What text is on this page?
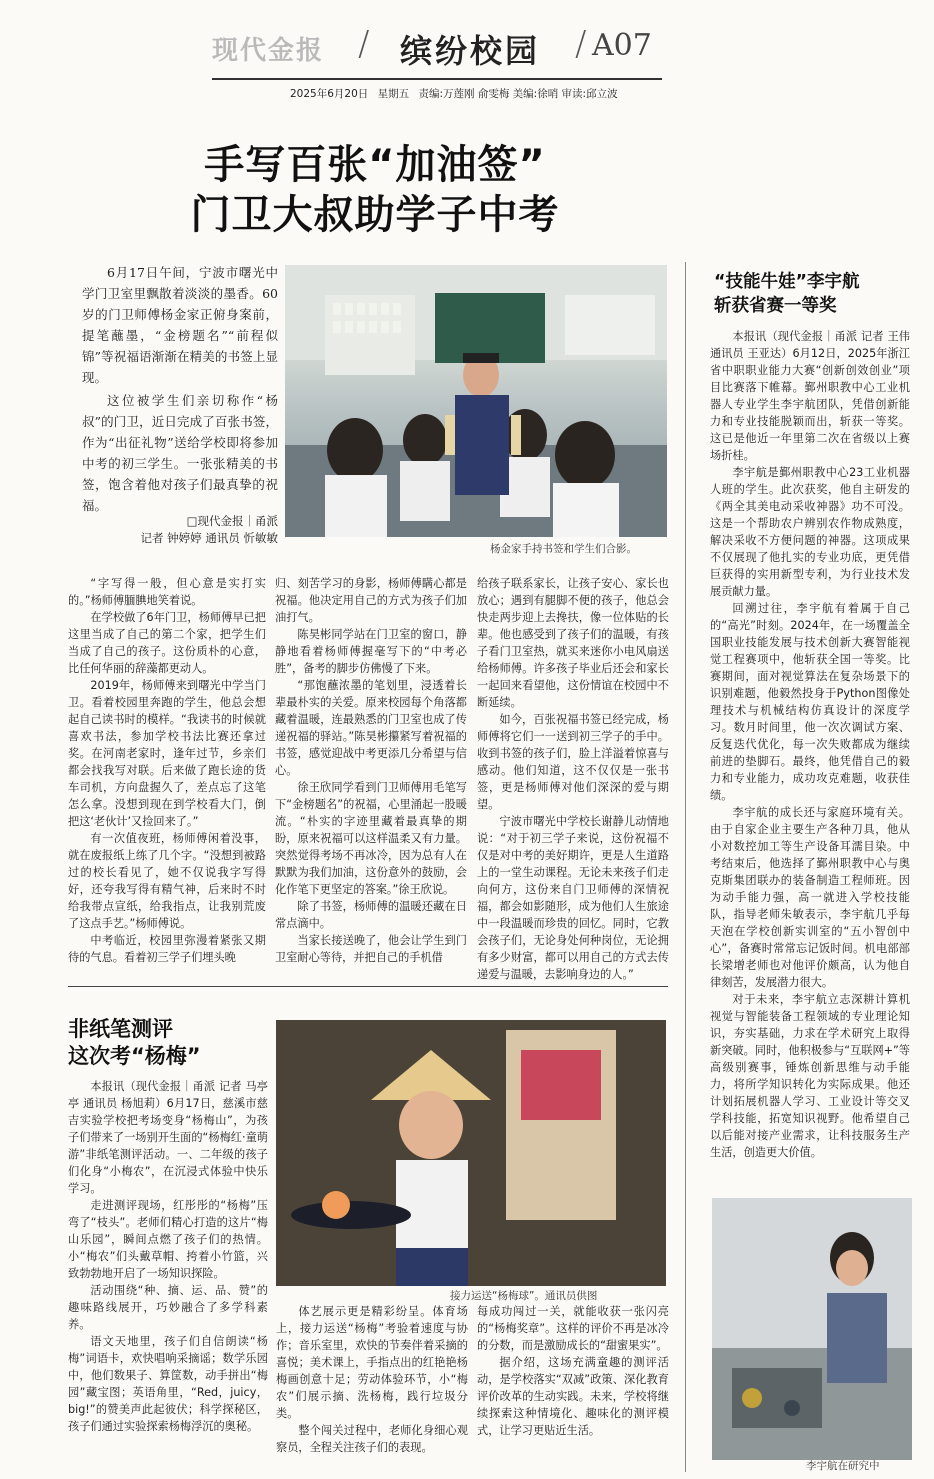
现代金报 / 缤纷校园 / A07
2025年6月20日 星期五 责编:万莲刚 俞雯梅 美编:徐哨 审读:邱立波
手写百张“加油签”
门卫大叔助学子中考

6月17日午间，宁波市曙光中学门卫室里飘散着淡淡的墨香。60岁的门卫师傅杨金家正俯身案前，提笔蘸墨，“金榜题名”“前程似锦”等祝福语渐渐在精美的书签上显现。

这位被学生们亲切称作“杨叔”的门卫，近日完成了百张书签，作为“出征礼物”送给学校即将参加中考的初三学生。一张张精美的书签，饱含着他对孩子们最真挚的祝福。

□现代金报｜甬派
记者 钟婷婷 通讯员 忻敏敏
杨金家手持书签和学生们合影。

“字写得一般，但心意是实打实的。”杨师傅腼腆地笑着说。

在学校做了6年门卫，杨师傅早已把这里当成了自己的第二个家，把学生们当成了自己的孩子。这份质朴的心意，比任何华丽的辞藻都更动人。

2019年，杨师傅来到曙光中学当门卫。看着校园里奔跑的学生，他总会想起自己读书时的模样。“我读书的时候就喜欢书法，参加学校书法比赛还拿过奖。在河南老家时，逢年过节，乡亲们都会找我写对联。后来做了跑长途的货车司机，方向盘握久了，差点忘了这笔怎么拿。没想到现在到学校看大门，倒把这‘老伙计’又捡回来了。”

有一次值夜班，杨师傅闲着没事，就在废报纸上练了几个字。“没想到被路过的校长看见了，她不仅说我字写得好，还夸我写得有精气神，后来时不时给我带点宣纸，给我指点，让我别荒废了这点手艺。”杨师傅说。

中考临近，校园里弥漫着紧张又期待的气息。看着初三学子们埋头晚

归、刻苦学习的身影，杨师傅瞒心都是祝福。他决定用自己的方式为孩子们加油打气。

陈昊彬同学站在门卫室的窗口，静静地看着杨师傅握毫写下的“中考必胜”，备考的脚步仿佛慢了下来。

“那饱蘸浓墨的笔划里，浸透着长辈最朴实的关爱。原来校园每个角落都藏着温暖，连最熟悉的门卫室也成了传递祝福的驿站。”陈昊彬攥紧写着祝福的书签，感觉迎战中考更添几分希望与信心。

徐王欣同学看到门卫师傅用毛笔写下“金榜题名”的祝福，心里涌起一股暖流。“朴实的字迹里藏着最真挚的期盼，原来祝福可以这样温柔又有力量。突然觉得考场不再冰冷，因为总有人在默默为我们加油，这份意外的鼓励，会化作笔下更坚定的答案。”徐王欣说。

除了书签，杨师傅的温暖还藏在日常点滴中。

当家长接送晚了，他会让学生到门卫室耐心等待，并把自己的手机借

给孩子联系家长，让孩子安心、家长也放心；遇到有腿脚不便的孩子，他总会快走两步迎上去搀扶，像一位体贴的长辈。他也感受到了孩子们的温暖，有孩子看门卫室热，就买来迷你小电风扇送给杨师傅。许多孩子毕业后还会和家长一起回来看望他，这份情谊在校园中不断延续。

如今，百张祝福书签已经完成，杨师傅将它们一一送到初三学子的手中。收到书签的孩子们，脸上洋溢着惊喜与感动。他们知道，这不仅仅是一张书签，更是杨师傅对他们深深的爱与期望。

宁波市曙光中学校长谢静儿动情地说：“对于初三学子来说，这份祝福不仅是对中考的美好期许，更是人生道路上的一堂生动课程。无论未来孩子们走向何方，这份来自门卫师傅的深情祝福，都会如影随形，成为他们人生旅途中一段温暖而珍贵的回忆。同时，它教会孩子们，无论身处何种岗位，无论拥有多少财富，都可以用自己的方式去传递爱与温暖，去影响身边的人。”

非纸笔测评
这次考“杨梅”

本报讯（现代金报｜甬派 记者 马亭亭 通讯员 杨旭莉）6月17日，慈溪市慈吉实验学校把考场变身“杨梅山”，为孩子们带来了一场别开生面的“杨梅红·童萌游”非纸笔测评活动。一、二年级的孩子们化身“小梅农”，在沉浸式体验中快乐学习。

走进测评现场，红彤彤的“杨梅”压弯了“枝头”。老师们精心打造的这片“梅山乐园”，瞬间点燃了孩子们的热情。小“梅农”们头戴草帽、挎着小竹篮，兴致勃勃地开启了一场知识探险。

活动围绕“种、摘、运、品、赞”的趣味路线展开，巧妙融合了多学科素养。

语文天地里，孩子们自信朗读“杨梅”词语卡，欢快唱响采摘谣；数学乐园中，他们数果子、算筐数，动手拼出“梅园”藏宝图；英语角里，“Red，juicy，big!”的赞美声此起彼伏；科学探秘区，孩子们通过实验探索杨梅浮沉的奥秘。

接力运送“杨梅球”。通讯员供图

体艺展示更是精彩纷呈。体育场上，接力运送“杨梅”考验着速度与协作；音乐室里，欢快的节奏伴着采摘的喜悦；美术课上，手指点出的红艳艳杨梅画创意十足；劳动体验环节，小“梅农”们展示摘、洗杨梅，践行垃圾分类。

整个闯关过程中，老师化身细心观察员，全程关注孩子们的表现。

每成功闯过一关，就能收获一张闪亮的“杨梅奖章”。这样的评价不再是冰冷的分数，而是激励成长的“甜蜜果实”。

据介绍，这场充满童趣的测评活动，是学校落实“双减”政策、深化教育评价改革的生动实践。未来，学校将继续探索这种情境化、趣味化的测评模式，让学习更贴近生活。

“技能牛娃”李宇航
斩获省赛一等奖

本报讯（现代金报｜甬派 记者 王伟 通讯员 王亚达）6月12日，2025年浙江省中职职业能力大赛“创新创效创业”项目比赛落下帷幕。鄞州职教中心工业机器人专业学生李宇航团队，凭借创新能力和专业技能脱颖而出，斩获一等奖。这已是他近一年里第二次在省级以上赛场折桂。

李宇航是鄞州职教中心23工业机器人班的学生。此次获奖，他自主研发的《两全其美电动采收神器》功不可没。这是一个帮助农户辨别农作物成熟度，解决采收不方便问题的神器。这项成果不仅展现了他扎实的专业功底，更凭借巨获得的实用新型专利，为行业技术发展贡献力量。

回溯过往，李宇航有着属于自己的“高光”时刻。2024年，在一场覆盖全国职业技能发展与技术创新大赛智能视觉工程赛项中，他斩获全国一等奖。比赛期间，面对视觉算法在复杂场景下的识别难题，他毅然投身于Python图像处理技术与机械结构仿真设计的深度学习。数月时间里，他一次次调试方案、反复迭代优化，每一次失败都成为继续前进的垫脚石。最终，他凭借自己的毅力和专业能力，成功攻克难题，收获佳绩。

李宇航的成长还与家庭环境有关。由于自家企业主要生产各种刀具，他从小对数控加工等生产设备耳濡目染。中考结束后，他选择了鄞州职教中心与奥克斯集团联办的装备制造工程师班。因为动手能力强，高一就进入学校技能队，指导老师朱敏表示，李宇航几乎每天泡在学校创新实训室的“五小智创中心”，备赛时常常忘记饭时间。机电部部长梁增老师也对他评价颇高，认为他自律刻苦，发展潜力很大。

对于未来，李宇航立志深耕计算机视觉与智能装备工程领域的专业理论知识，夯实基础，力求在学术研究上取得新突破。同时，他积极参与“互联网+”等高级别赛事，锤炼创新思维与动手能力，将所学知识转化为实际成果。他还计划拓展机器人学习、工业设计等交叉学科技能，拓宽知识视野。他希望自己以后能对接产业需求，让科技服务生产生活，创造更大价值。

李宇航在研究中
